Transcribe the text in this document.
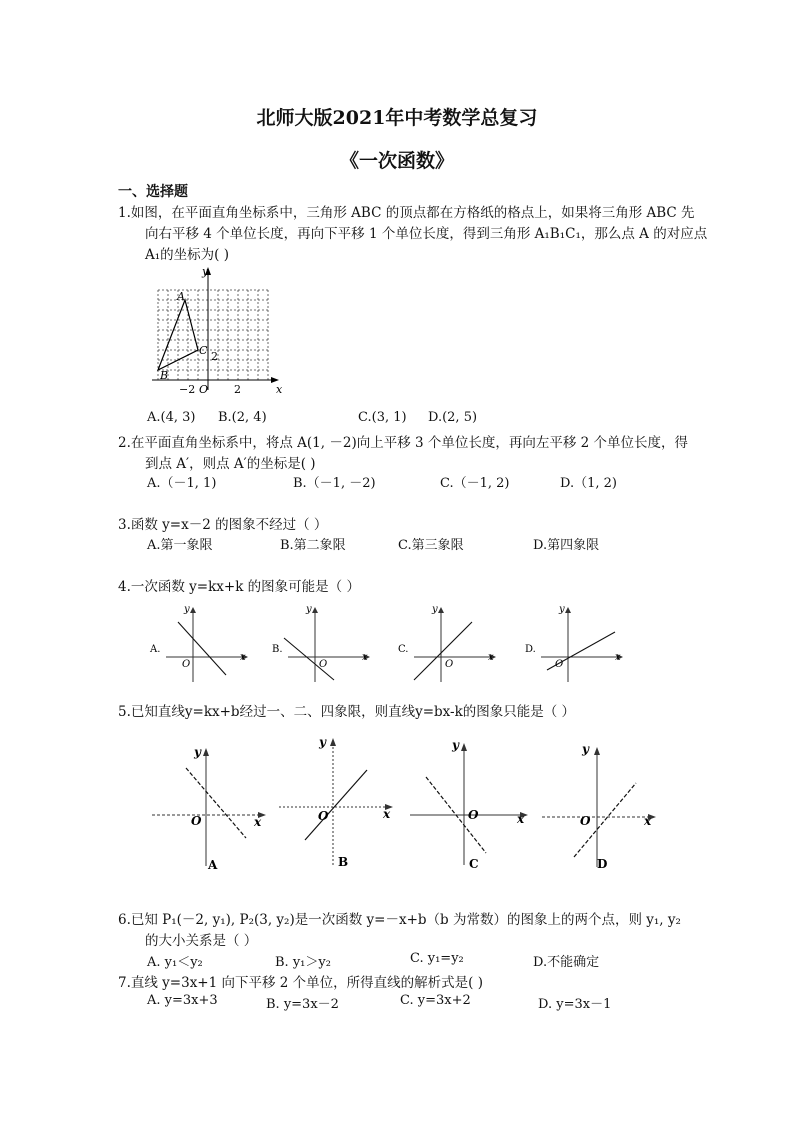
北师大版2021年中考数学总复习
《一次函数》
一、选择题
1.如图，在平面直角坐标系中，三角形 ABC 的顶点都在方格纸的格点上，如果将三角形 ABC 先
向右平移 4 个单位长度，再向下平移 1 个单位长度，得到三角形 A₁B₁C₁，那么点 A 的对应点
A₁的坐标为( )
y
x
O
−2	2
2
A
B
C
A.(4, 3) B.(2, 4)	C.(3, 1) D.(2, 5)
2.在平面直角坐标系中，将点 A(1, －2)向上平移 3 个单位长度，再向左平移 2 个单位长度，得
到点 A′，则点 A′的坐标是( )
A.（－1, 1)	B.（－1, －2)	C.（－1, 2)	D.（1, 2)
3.函数 y=x－2 的图象不经过（ ）
A.第一象限	B.第二象限	C.第三象限	D.第四象限
4.一次函数 y=kx+k 的图象可能是（ ）
A.
y
x
O
B.
y
x
O
C.
y
x
O
D.
y
x
O
5.已知直线y=kx+b经过一、二、四象限，则直线y=bx-k的图象只能是（ ）
y
x
O
A
y
x
O
B
y
x
O
C
y
x
O
D
6.已知 P₁(－2, y₁), P₂(3, y₂)是一次函数 y=－x+b（b 为常数）的图象上的两个点，则 y₁, y₂
的大小关系是（ ）
A. y₁＜y₂	B. y₁＞y₂	C. y₁=y₂	D.不能确定
7.直线 y=3x+1 向下平移 2 个单位，所得直线的解析式是( )
A. y=3x+3	B. y=3x－2	C. y=3x+2	D. y=3x－1
